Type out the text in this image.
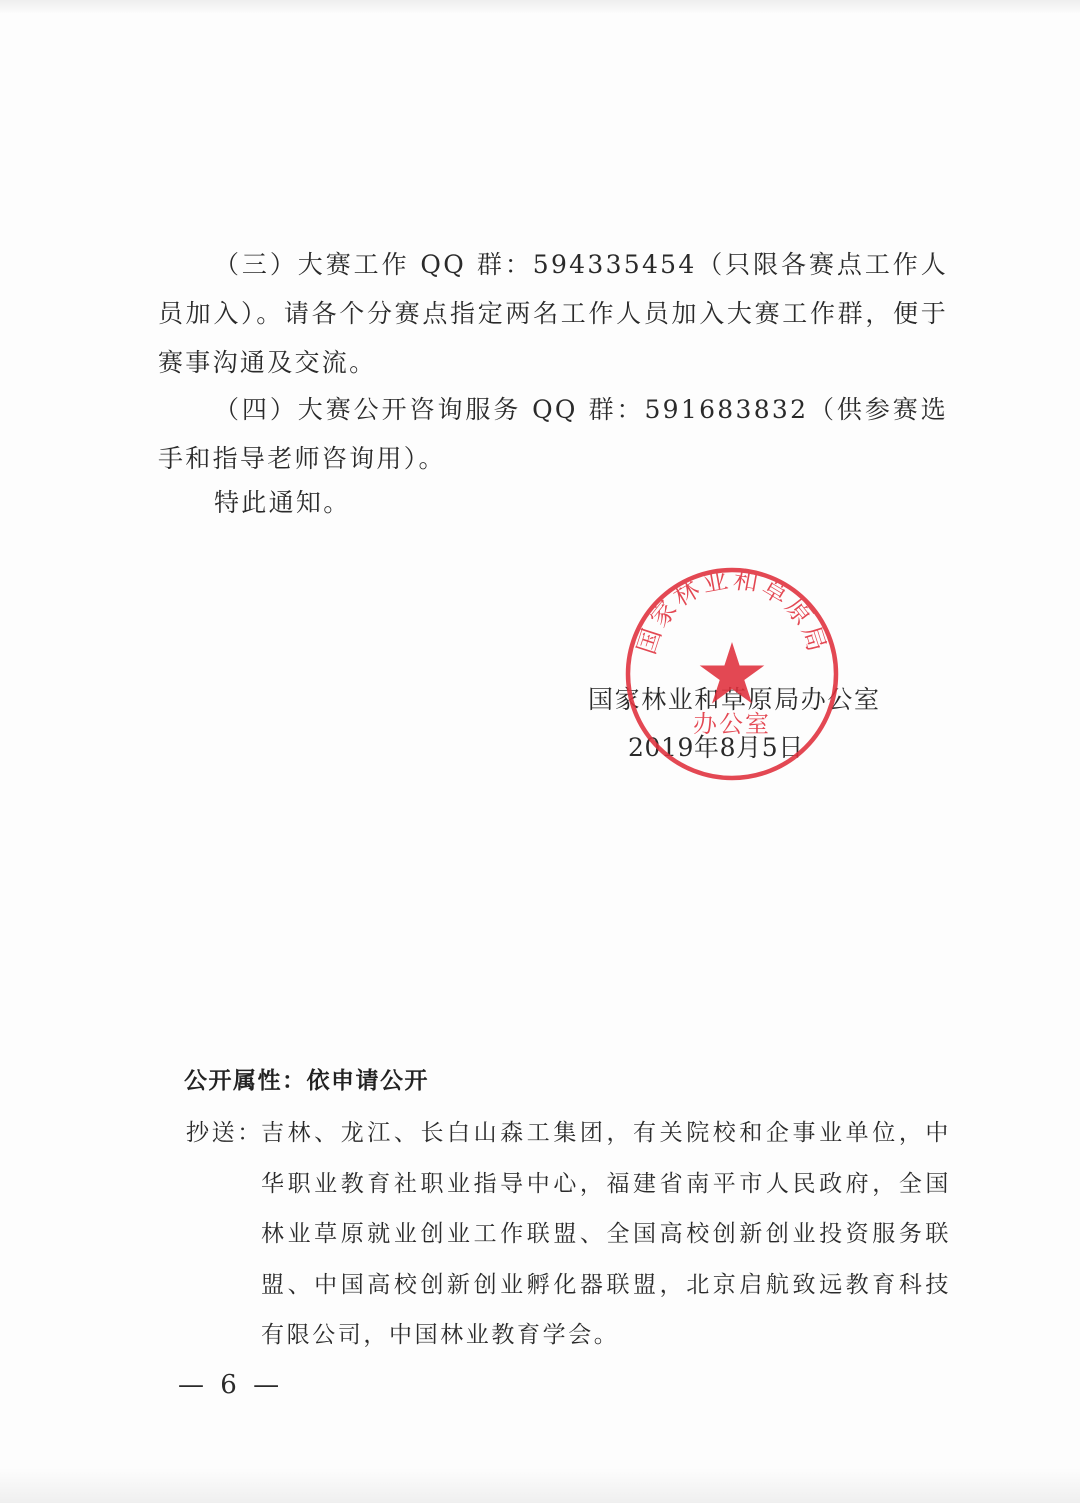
（三）大赛工作 QQ 群：594335454（只限各赛点工作人员加入）。请各个分赛点指定两名工作人员加入大赛工作群，便于赛事沟通及交流。

（四）大赛公开咨询服务 QQ 群：591683832（供参赛选手和指导老师咨询用）。

特此通知。

国家林业和草原局办公室

2019年8月5日

国家林业和草原局
办公室

公开属性：依申请公开

抄送：
吉林、龙江、长白山森工集团，有关院校和企事业单位，中华职业教育社职业指导中心，福建省南平市人民政府，全国林业草原就业创业工作联盟、全国高校创新创业投资服务联盟、中国高校创新创业孵化器联盟，北京启航致远教育科技有限公司，中国林业教育学会。

— 6 —
